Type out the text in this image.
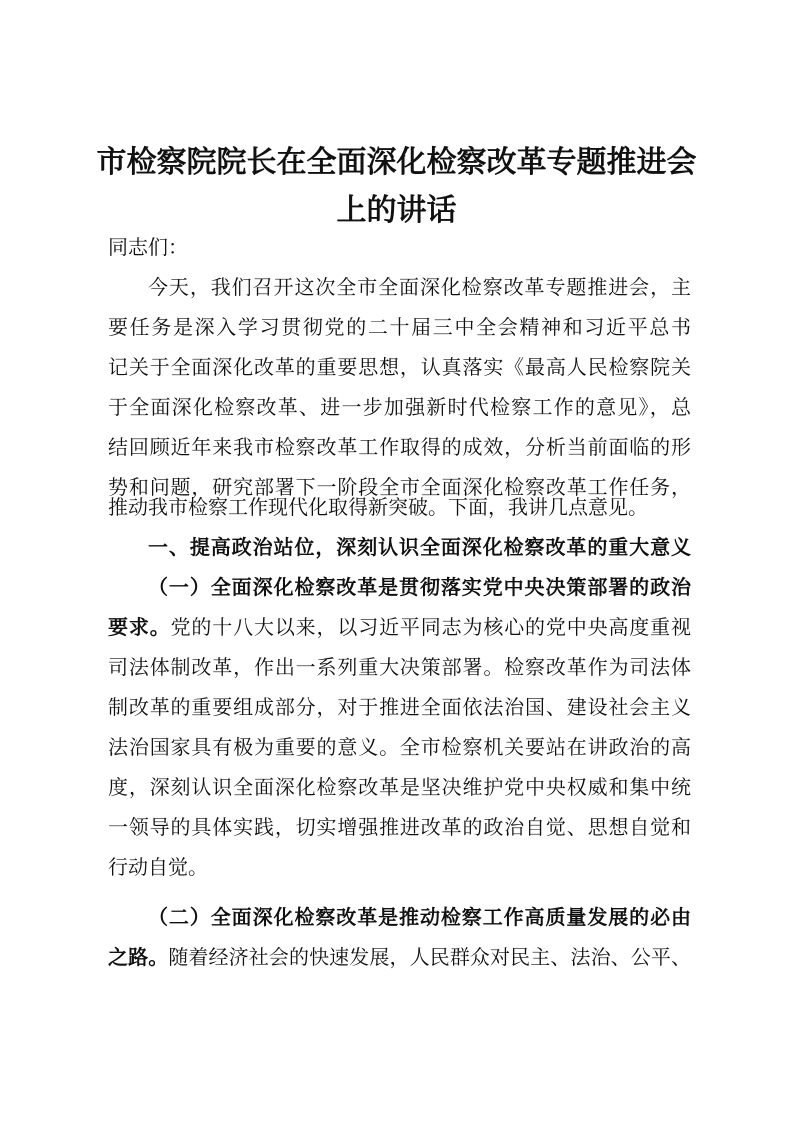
市检察院院长在全面深化检察改革专题推进会
上的讲话
同志们：
今天，我们召开这次全市全面深化检察改革专题推进会，主
要任务是深入学习贯彻党的二十届三中全会精神和习近平总书
记关于全面深化改革的重要思想，认真落实《最高人民检察院关
于全面深化检察改革、进一步加强新时代检察工作的意见》，总
结回顾近年来我市检察改革工作取得的成效，分析当前面临的形
势和问题，研究部署下一阶段全市全面深化检察改革工作任务，
推动我市检察工作现代化取得新突破。下面，我讲几点意见。
一、提高政治站位，深刻认识全面深化检察改革的重大意义
（一）全面深化检察改革是贯彻落实党中央决策部署的政治
要求。党的十八大以来，以习近平同志为核心的党中央高度重视
司法体制改革，作出一系列重大决策部署。检察改革作为司法体
制改革的重要组成部分，对于推进全面依法治国、建设社会主义
法治国家具有极为重要的意义。全市检察机关要站在讲政治的高
度，深刻认识全面深化检察改革是坚决维护党中央权威和集中统
一领导的具体实践，切实增强推进改革的政治自觉、思想自觉和
行动自觉。
（二）全面深化检察改革是推动检察工作高质量发展的必由
之路。随着经济社会的快速发展，人民群众对民主、法治、公平、
